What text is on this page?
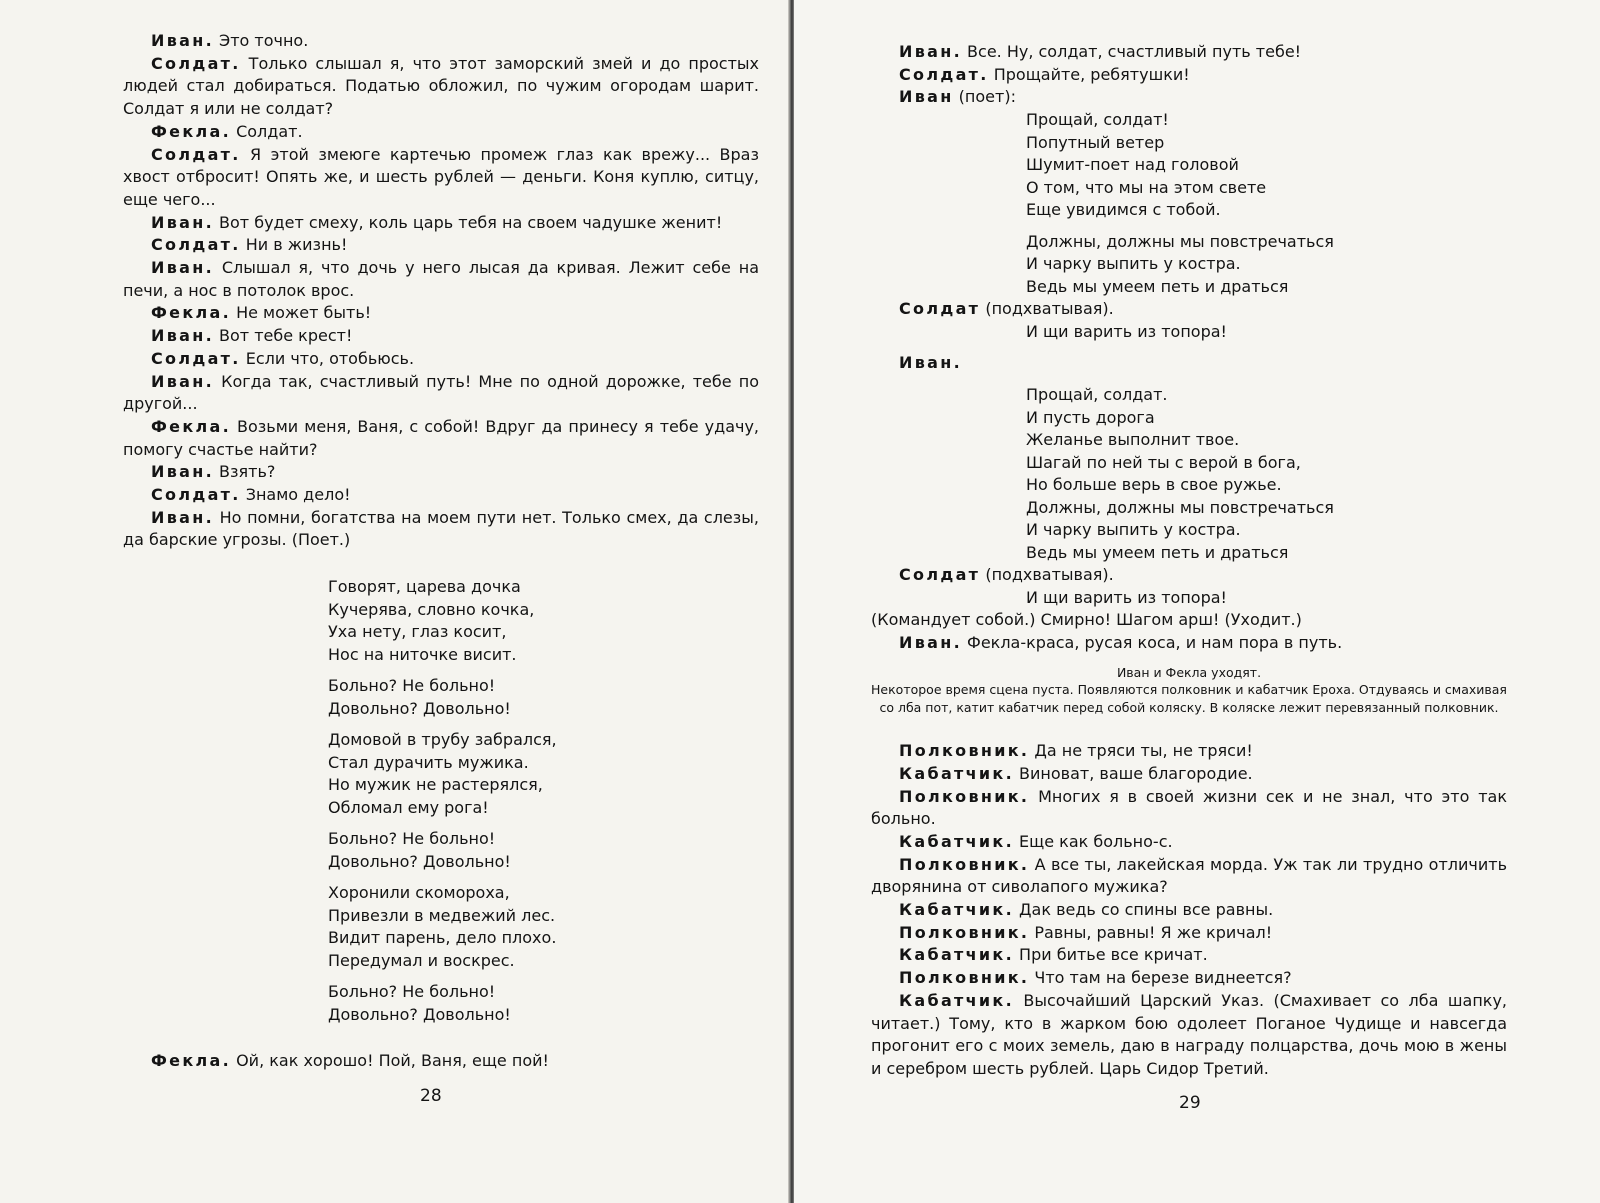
Иван. Это точно.

Солдат. Только слышал я, что этот заморский змей и до простых людей стал добираться. Податью обложил, по чужим огородам шарит. Солдат я или не солдат?

Фекла. Солдат.

Солдат. Я этой змеюге картечью промеж глаз как врежу... Враз хвост отбросит! Опять же, и шесть рублей — деньги. Коня куплю, ситцу, еще чего...

Иван. Вот будет смеху, коль царь тебя на своем чадушке женит!

Солдат. Ни в жизнь!

Иван. Слышал я, что дочь у него лысая да кривая. Лежит себе на печи, а нос в потолок врос.

Фекла. Не может быть!

Иван. Вот тебе крест!

Солдат. Если что, отобьюсь.

Иван. Когда так, счастливый путь! Мне по одной дорожке, тебе по другой...

Фекла. Возьми меня, Ваня, с собой! Вдруг да принесу я тебе удачу, помогу счастье найти?

Иван. Взять?

Солдат. Знамо дело!

Иван. Но помни, богатства на моем пути нет. Только смех, да слезы, да барские угрозы. (Поет.)

Говорят, царева дочка

Кучерява, словно кочка,

Уха нету, глаз косит,

Нос на ниточке висит.

Больно? Не больно!

Довольно? Довольно!

Домовой в трубу забрался,

Стал дурачить мужика.

Но мужик не растерялся,

Обломал ему рога!

Больно? Не больно!

Довольно? Довольно!

Хоронили скомороха,

Привезли в медвежий лес.

Видит парень, дело плохо.

Передумал и воскрес.

Больно? Не больно!

Довольно? Довольно!

Фекла. Ой, как хорошо! Пой, Ваня, еще пой!

28

Иван. Все. Ну, солдат, счастливый путь тебе!

Солдат. Прощайте, ребятушки!

Иван (поет):

Прощай, солдат!

Попутный ветер

Шумит-поет над головой

О том, что мы на этом свете

Еще увидимся с тобой.

Должны, должны мы повстречаться

И чарку выпить у костра.

Ведь мы умеем петь и драться

Солдат (подхватывая).

И щи варить из топора!

Иван.

Прощай, солдат.

И пусть дорога

Желанье выполнит твое.

Шагай по ней ты с верой в бога,

Но больше верь в свое ружье.

Должны, должны мы повстречаться

И чарку выпить у костра.

Ведь мы умеем петь и драться

Солдат (подхватывая).

И щи варить из топора!

(Командует собой.) Смирно! Шагом арш! (Уходит.)

Иван. Фекла-краса, русая коса, и нам пора в путь.

Иван и Фекла уходят.

Некоторое время сцена пуста. Появляются полковник и кабатчик Ероха. Отдуваясь и смахивая со лба пот, катит кабатчик перед собой коляску. В коляске лежит перевязанный полковник.

Полковник. Да не тряси ты, не тряси!

Кабатчик. Виноват, ваше благородие.

Полковник. Многих я в своей жизни сек и не знал, что это так больно.

Кабатчик. Еще как больно-с.

Полковник. А все ты, лакейская морда. Уж так ли трудно отличить дворянина от сиволапого мужика?

Кабатчик. Дак ведь со спины все равны.

Полковник. Равны, равны! Я же кричал!

Кабатчик. При битье все кричат.

Полковник. Что там на березе виднеется?

Кабатчик. Высочайший Царский Указ. (Смахивает со лба шапку, читает.) Тому, кто в жарком бою одолеет Поганое Чудище и навсегда прогонит его с моих земель, даю в награду полцарства, дочь мою в жены и серебром шесть рублей. Царь Сидор Третий.

29
